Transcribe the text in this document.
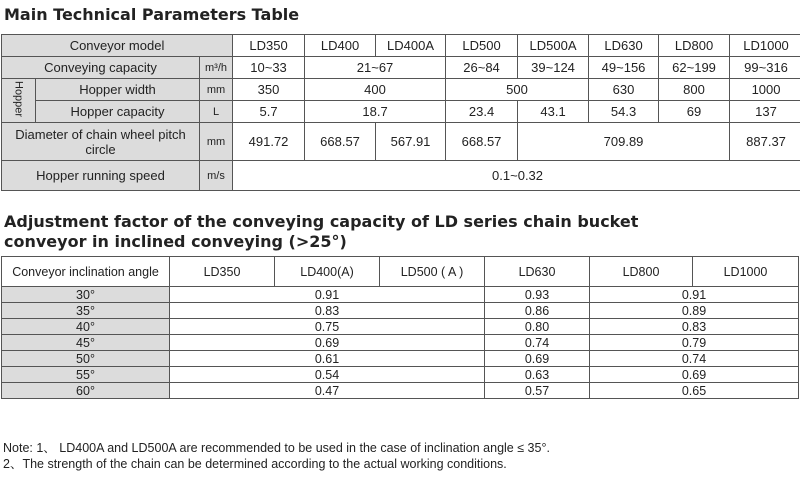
Main Technical Parameters Table
Conveyor model			LD350	LD400	LD400A	LD500	LD500A	LD630	LD800	LD1000
Conveying capacity		m³/h	10~33	21~67		26~84	39~124	49~156	62~199	99~316
Hopper	Hopper width	mm	350	400		500		630	800	1000
	Hopper capacity	L	5.7	18.7		23.4	43.1	54.3	69	137
Diameter of chain wheel pitch circle		mm	491.72	668.57	567.91	668.57	709.89			887.37
Hopper running speed		m/s	0.1~0.32							
Adjustment factor of the conveying capacity of LD series chain bucket conveyor in inclined conveying (>25°)
Conveyor inclination angle	LD350	LD400(A)	LD500 ( A )	LD630	LD800	LD1000
30°	0.91			0.93	0.91	
35°	0.83			0.86	0.89	
40°	0.75			0.80	0.83	
45°	0.69			0.74	0.79	
50°	0.61			0.69	0.74	
55°	0.54			0.63	0.69	
60°	0.47			0.57	0.65	
Note: 1、 LD400A and LD500A are recommended to be used in the case of inclination angle ≤ 35°.
2、The strength of the chain can be determined according to the actual working conditions.
